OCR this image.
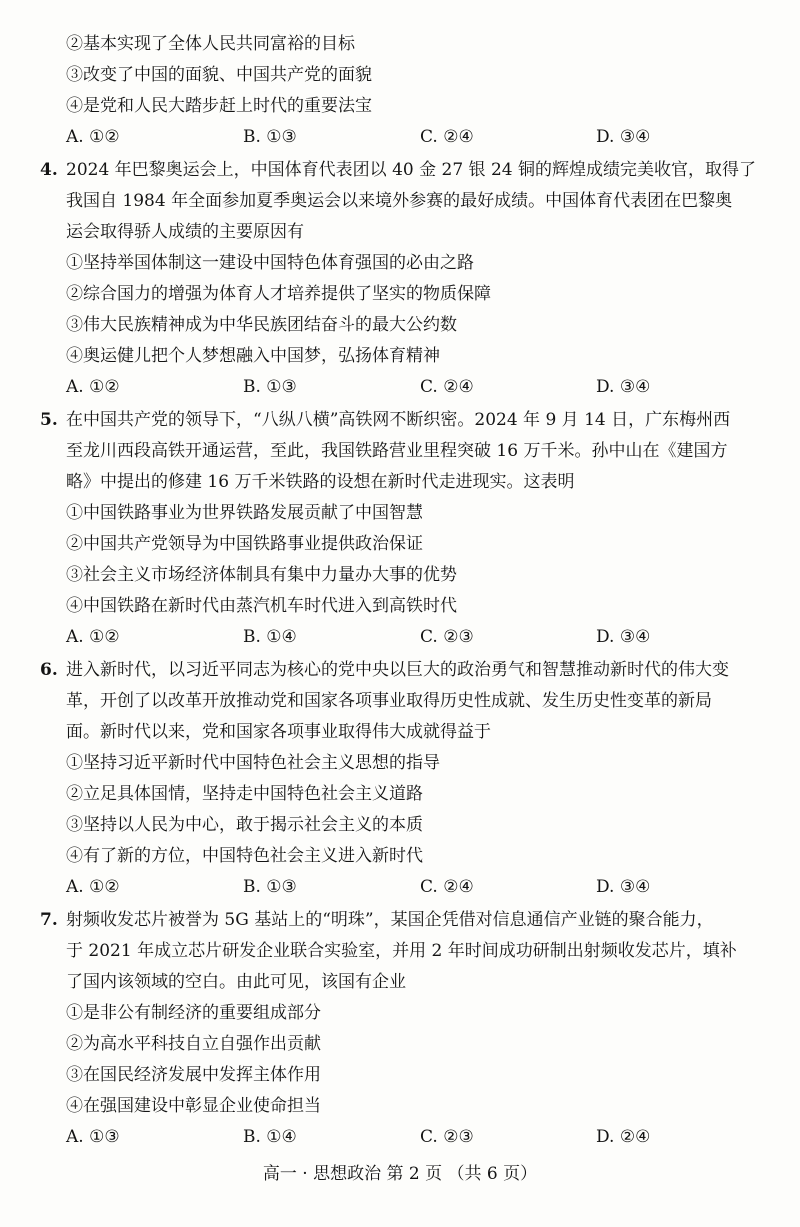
②基本实现了全体人民共同富裕的目标
③改变了中国的面貌、中国共产党的面貌
④是党和人民大踏步赶上时代的重要法宝
A. ①②	B. ①③	C. ②④	D. ③④
4. 2024 年巴黎奥运会上，中国体育代表团以 40 金 27 银 24 铜的辉煌成绩完美收官，取得了
我国自 1984 年全面参加夏季奥运会以来境外参赛的最好成绩。中国体育代表团在巴黎奥
运会取得骄人成绩的主要原因有
①坚持举国体制这一建设中国特色体育强国的必由之路
②综合国力的增强为体育人才培养提供了坚实的物质保障
③伟大民族精神成为中华民族团结奋斗的最大公约数
④奥运健儿把个人梦想融入中国梦，弘扬体育精神
A. ①②	B. ①③	C. ②④	D. ③④
5. 在中国共产党的领导下，“八纵八横”高铁网不断织密。2024 年 9 月 14 日，广东梅州西
至龙川西段高铁开通运营，至此，我国铁路营业里程突破 16 万千米。孙中山在《建国方
略》中提出的修建 16 万千米铁路的设想在新时代走进现实。这表明
①中国铁路事业为世界铁路发展贡献了中国智慧
②中国共产党领导为中国铁路事业提供政治保证
③社会主义市场经济体制具有集中力量办大事的优势
④中国铁路在新时代由蒸汽机车时代进入到高铁时代
A. ①②	B. ①④	C. ②③	D. ③④
6. 进入新时代，以习近平同志为核心的党中央以巨大的政治勇气和智慧推动新时代的伟大变
革，开创了以改革开放推动党和国家各项事业取得历史性成就、发生历史性变革的新局
面。新时代以来，党和国家各项事业取得伟大成就得益于
①坚持习近平新时代中国特色社会主义思想的指导
②立足具体国情，坚持走中国特色社会主义道路
③坚持以人民为中心，敢于揭示社会主义的本质
④有了新的方位，中国特色社会主义进入新时代
A. ①②	B. ①③	C. ②④	D. ③④
7. 射频收发芯片被誉为 5G 基站上的“明珠”，某国企凭借对信息通信产业链的聚合能力，
于 2021 年成立芯片研发企业联合实验室，并用 2 年时间成功研制出射频收发芯片，填补
了国内该领域的空白。由此可见，该国有企业
①是非公有制经济的重要组成部分
②为高水平科技自立自强作出贡献
③在国民经济发展中发挥主体作用
④在强国建设中彰显企业使命担当
A. ①③	B. ①④	C. ②③	D. ②④
高一 · 思想政治 第 2 页 （共 6 页）
